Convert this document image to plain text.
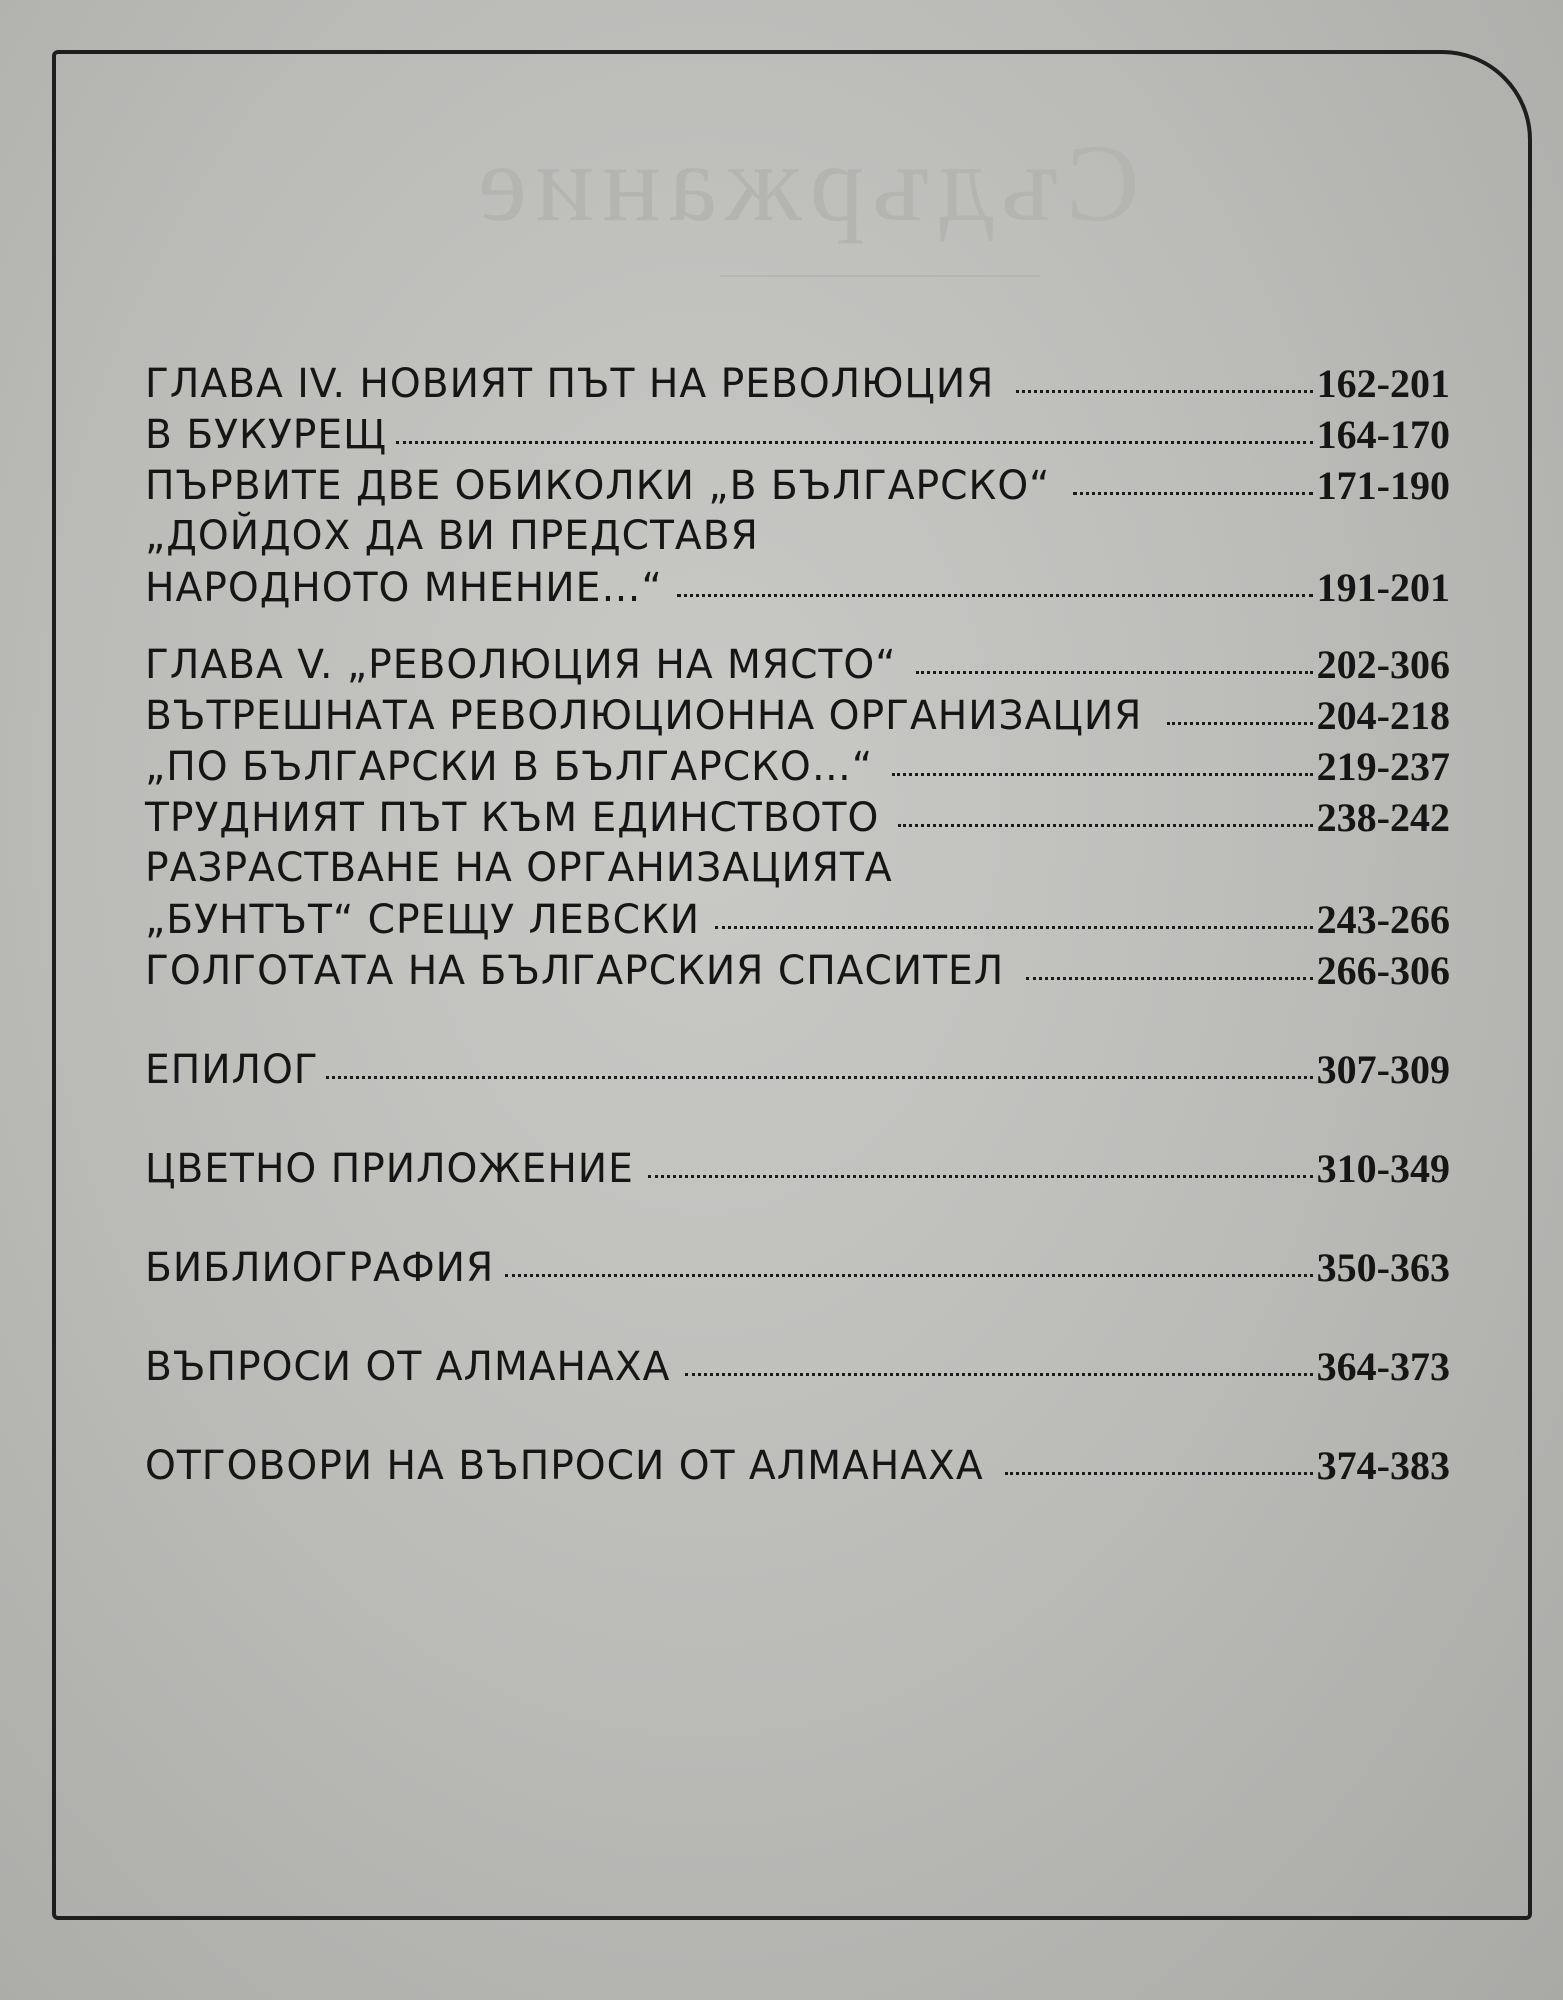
Съдържание
ГЛАВА IV. НОВИЯТ ПЪТ НА РЕВОЛЮЦИЯ	162-201
В БУКУРЕЩ	164-170
ПЪРВИТЕ ДВЕ ОБИКОЛКИ „В БЪЛГАРСКО“	171-190
„ДОЙДОХ ДА ВИ ПРЕДСТАВЯ
НАРОДНОТО МНЕНИЕ…“	191-201
ГЛАВА V. „РЕВОЛЮЦИЯ НА МЯСТО“	202-306
ВЪТРЕШНАТА РЕВОЛЮЦИОННА ОРГАНИЗАЦИЯ	204-218
„ПО БЪЛГАРСКИ В БЪЛГАРСКО…“	219-237
ТРУДНИЯТ ПЪТ КЪМ ЕДИНСТВОТО	238-242
РАЗРАСТВАНЕ НА ОРГАНИЗАЦИЯТА
„БУНТЪТ“ СРЕЩУ ЛЕВСКИ	243-266
ГОЛГОТАТА НА БЪЛГАРСКИЯ СПАСИТЕЛ	266-306
ЕПИЛОГ	307-309
ЦВЕТНО ПРИЛОЖЕНИЕ	310-349
БИБЛИОГРАФИЯ	350-363
ВЪПРОСИ ОТ АЛМАНАХА	364-373
ОТГОВОРИ НА ВЪПРОСИ ОТ АЛМАНАХА	374-383
